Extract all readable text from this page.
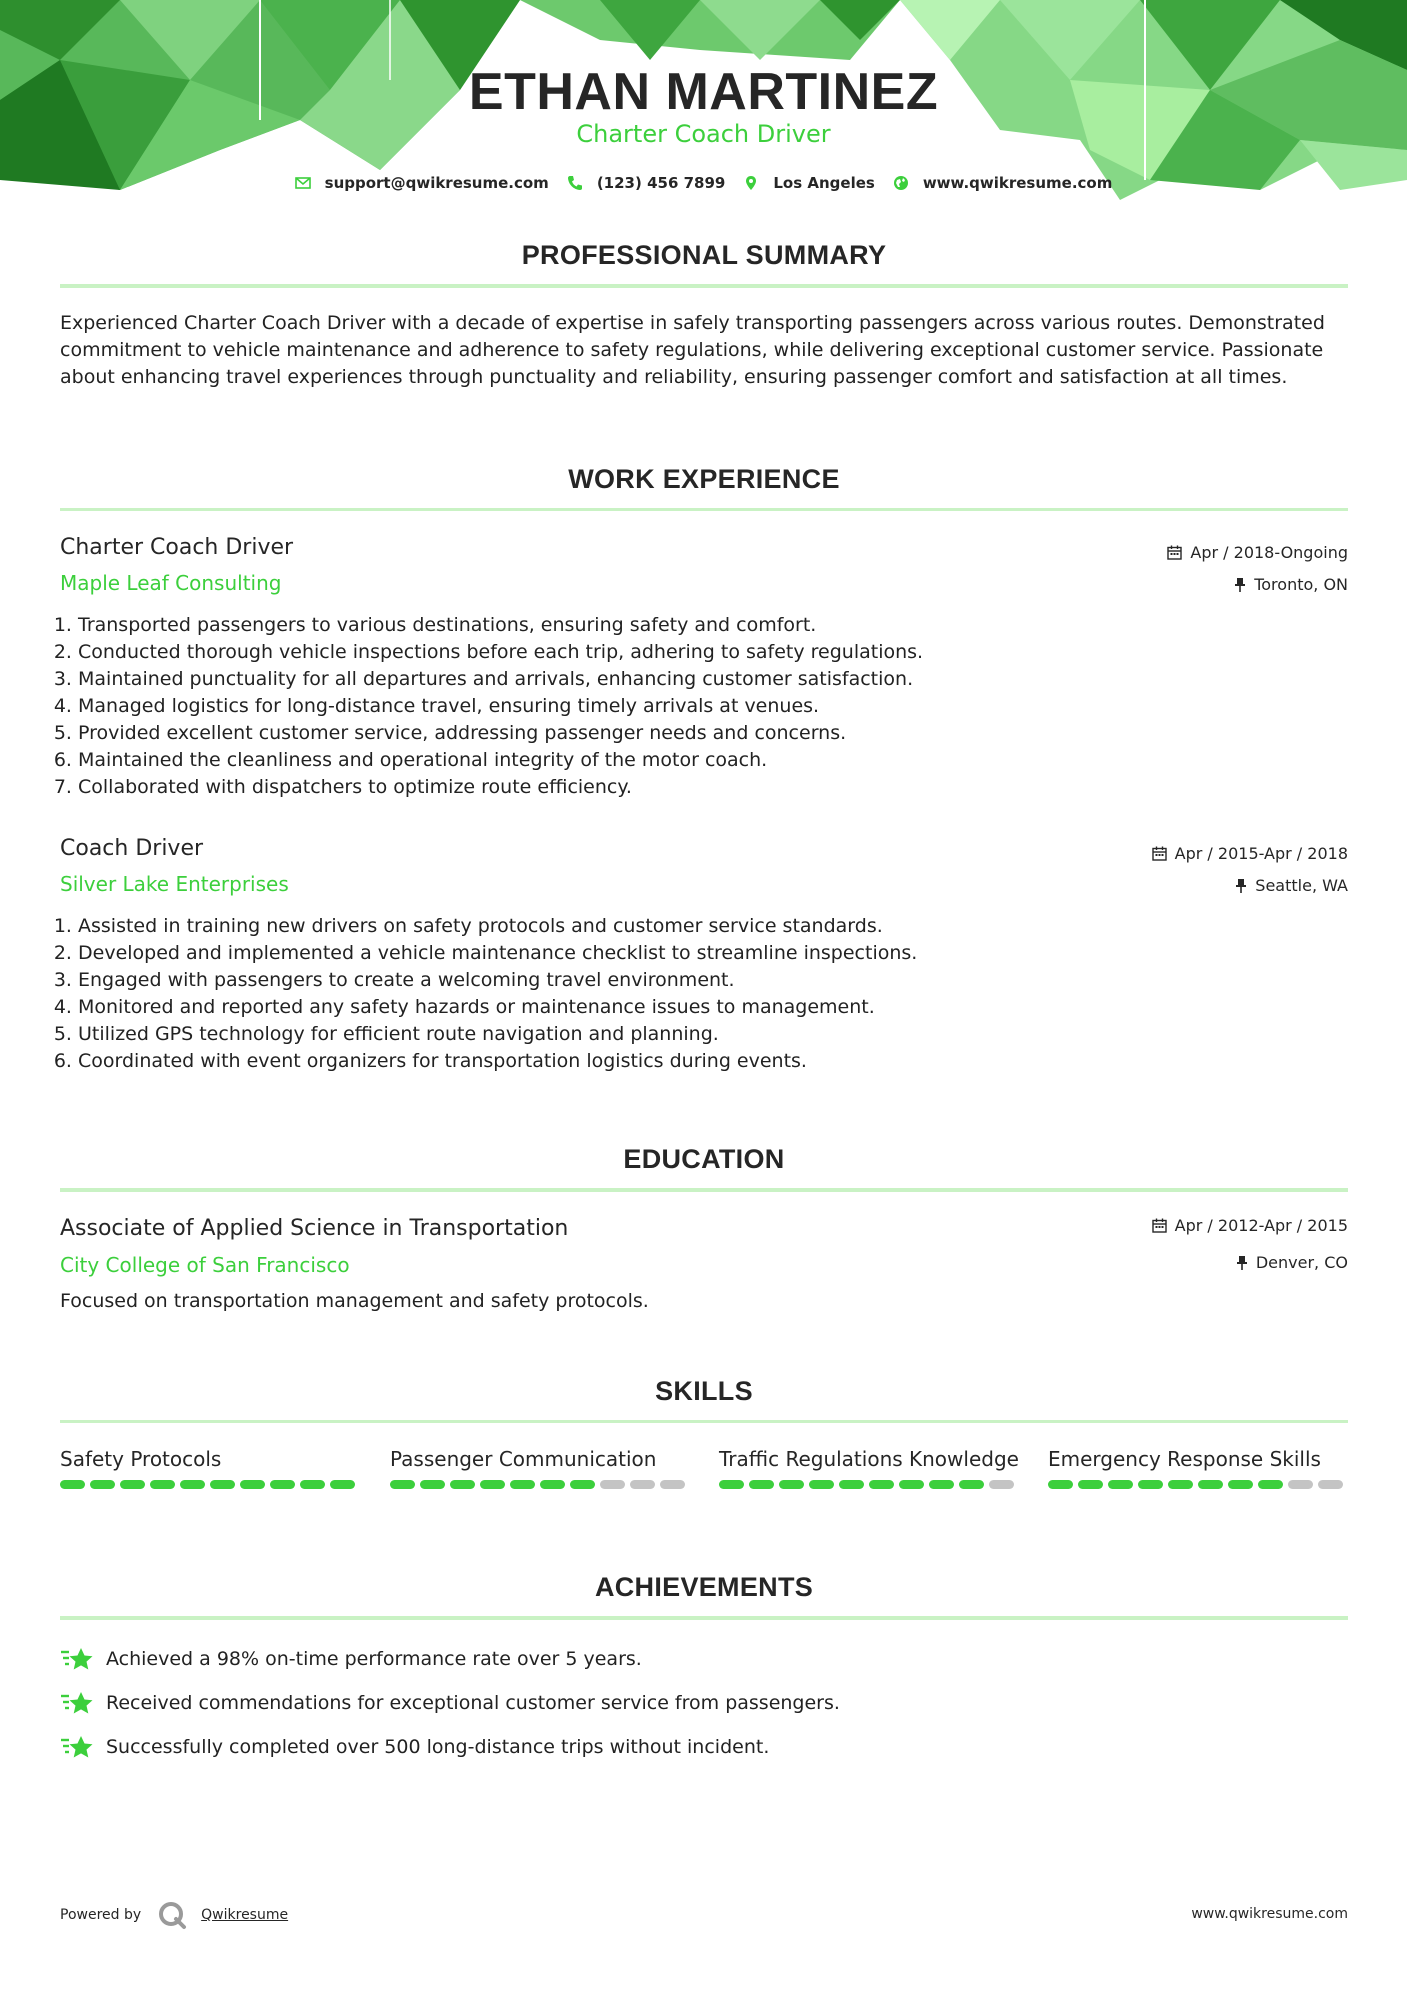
ETHAN MARTINEZ
Charter Coach Driver
support@qwikresume.com	(123) 456 7899	Los Angeles	www.qwikresume.com
PROFESSIONAL SUMMARY
Experienced Charter Coach Driver with a decade of expertise in safely transporting passengers across various routes. Demonstrated commitment to vehicle maintenance and adherence to safety regulations, while delivering exceptional customer service. Passionate about enhancing travel experiences through punctuality and reliability, ensuring passenger comfort and satisfaction at all times.
WORK EXPERIENCE
Charter Coach Driver
Maple Leaf Consulting
Apr / 2018-Ongoing
Toronto, ON
1. Transported passengers to various destinations, ensuring safety and comfort.
2. Conducted thorough vehicle inspections before each trip, adhering to safety regulations.
3. Maintained punctuality for all departures and arrivals, enhancing customer satisfaction.
4. Managed logistics for long-distance travel, ensuring timely arrivals at venues.
5. Provided excellent customer service, addressing passenger needs and concerns.
6. Maintained the cleanliness and operational integrity of the motor coach.
7. Collaborated with dispatchers to optimize route efficiency.
Coach Driver
Silver Lake Enterprises
Apr / 2015-Apr / 2018
Seattle, WA
1. Assisted in training new drivers on safety protocols and customer service standards.
2. Developed and implemented a vehicle maintenance checklist to streamline inspections.
3. Engaged with passengers to create a welcoming travel environment.
4. Monitored and reported any safety hazards or maintenance issues to management.
5. Utilized GPS technology for efficient route navigation and planning.
6. Coordinated with event organizers for transportation logistics during events.
EDUCATION
Associate of Applied Science in Transportation
City College of San Francisco
Apr / 2012-Apr / 2015
Denver, CO
Focused on transportation management and safety protocols.
SKILLS
Safety Protocols	Passenger Communication	Traffic Regulations Knowledge Emergency Response Skills
ACHIEVEMENTS
Achieved a 98% on-time performance rate over 5 years.
Received commendations for exceptional customer service from passengers.
Successfully completed over 500 long-distance trips without incident.
Powered by	Qwikresume	www.qwikresume.com
